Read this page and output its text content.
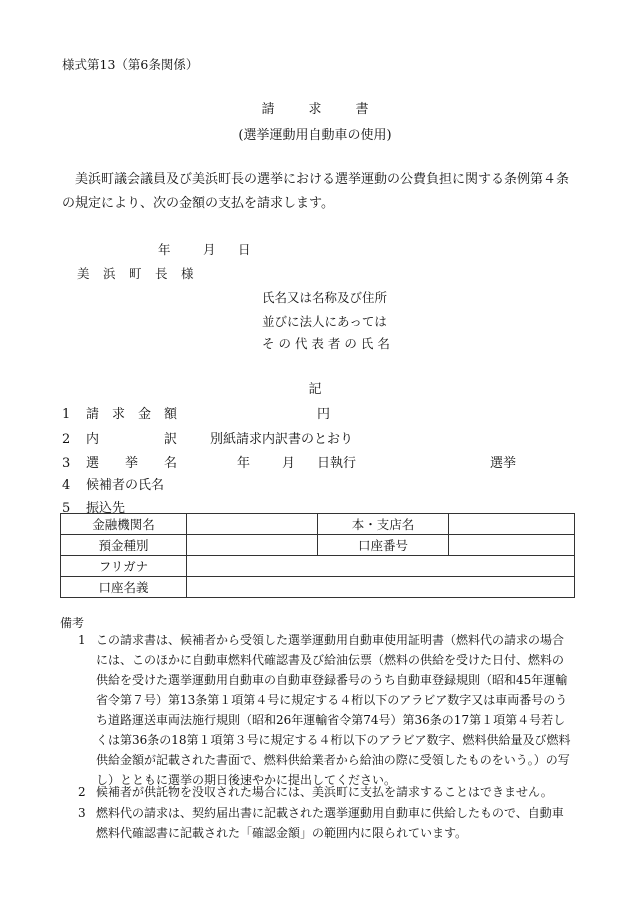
様式第13（第6条関係）
請	求	書
(選挙運動用自動車の使用)
美浜町議会議員及び美浜町長の選挙における選挙運動の公費負担に関する条例第４条の規定により、次の金額の支払を請求します。
年	月 日
美 浜 町 長 様
氏名又は名称及び住所
並びに法人にあっては
そ の 代 表 者 の 氏 名
記
1 請　求　金　額	円
2 内　　　　　訳	別紙請求内訳書のとおり
3 選　　挙　　名	年 月 日執行	選挙
4 候補者の氏名
5 振込先
金融機関名		本・支店名	
預金種別		口座番号	
フリガナ			
口座名義			
備考
1 この請求書は、候補者から受領した選挙運動用自動車使用証明書（燃料代の請求の場合には、このほかに自動車燃料代確認書及び給油伝票（燃料の供給を受けた日付、燃料の供給を受けた選挙運動用自動車の自動車登録番号のうち自動車登録規則（昭和45年運輸省令第７号）第13条第１項第４号に規定する４桁以下のアラビア数字又は車両番号のうち道路運送車両法施行規則（昭和26年運輸省令第74号）第36条の17第１項第４号若しくは第36条の18第１項第３号に規定する４桁以下のアラビア数字、燃料供給量及び燃料供給金額が記載された書面で、燃料供給業者から給油の際に受領したものをいう。）の写し）とともに選挙の期日後速やかに提出してください。
2 候補者が供託物を没収された場合には、美浜町に支払を請求することはできません。
3 燃料代の請求は、契約届出書に記載された選挙運動用自動車に供給したもので、自動車燃料代確認書に記載された「確認金額」の範囲内に限られています。
